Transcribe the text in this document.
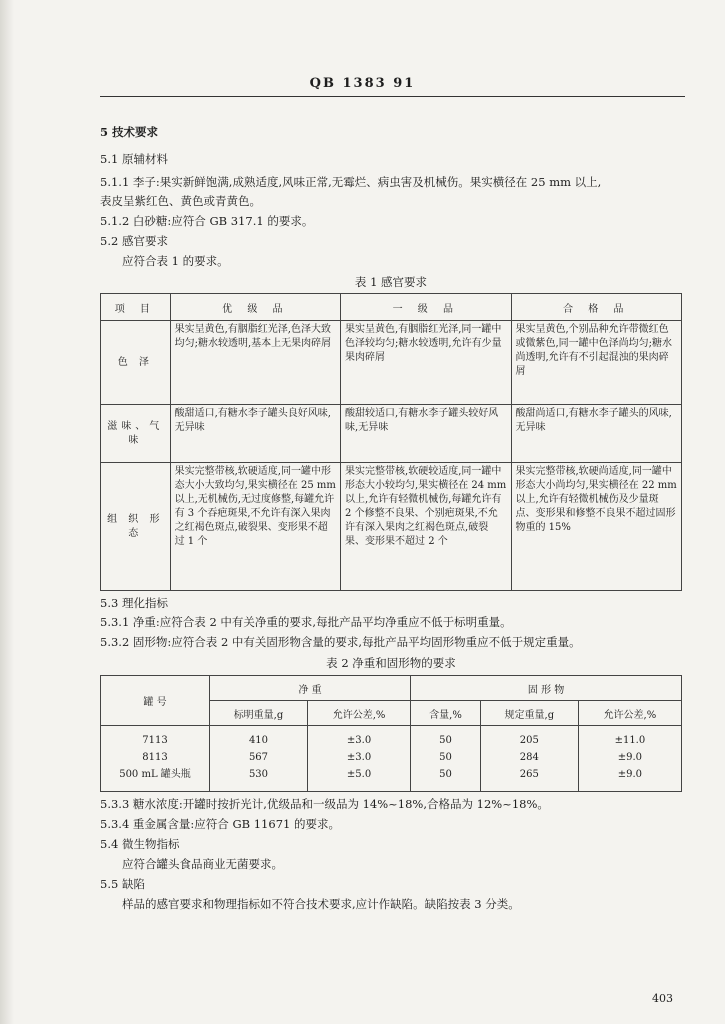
QB 1383 91
5 技术要求
5.1 原辅材料
5.1.1 李子:果实新鲜饱满,成熟适度,风味正常,无霉烂、病虫害及机械伤。果实横径在 25 mm 以上,
表皮呈紫红色、黄色或青黄色。
5.1.2 白砂糖:应符合 GB 317.1 的要求。
5.2 感官要求
应符合表 1 的要求。
表 1 感官要求
项 目	优 级 品	一 级 品	合 格 品
色 泽	果实呈黄色,有胭脂红光泽,色泽大致均匀;糖水较透明,基本上无果肉碎屑	果实呈黄色,有胭脂红光泽,同一罐中色泽较均匀;糖水较透明,允许有少量果肉碎屑	果实呈黄色,个别品种允许带微红色或微紫色,同一罐中色泽尚均匀;糖水尚透明,允许有不引起混浊的果肉碎屑
滋味、气味	酸甜适口,有糖水李子罐头良好风味,无异味	酸甜较适口,有糖水李子罐头较好风味,无异味	酸甜尚适口,有糖水李子罐头的风味,无异味
组 织 形 态	果实完整带核,软硬适度,同一罐中形态大小大致均匀,果实横径在 25 mm 以上,无机械伤,无过度修整,每罐允许有 3 个吞疤斑果,不允许有深入果肉之红褐色斑点,破裂果、变形果不超过 1 个	果实完整带核,软硬较适度,同一罐中形态大小较均匀,果实横径在 24 mm 以上,允许有轻微机械伤,每罐允许有 2 个修整不良果、个别疤斑果,不允许有深入果肉之红褐色斑点,破裂果、变形果不超过 2 个	果实完整带核,软硬尚适度,同一罐中形态大小尚均匀,果实横径在 22 mm 以上,允许有轻微机械伤及少量斑点、变形果和修整不良果不超过固形物重的 15%
5.3 理化指标
5.3.1 净重:应符合表 2 中有关净重的要求,每批产品平均净重应不低于标明重量。
5.3.2 固形物:应符合表 2 中有关固形物含量的要求,每批产品平均固形物重应不低于规定重量。
表 2 净重和固形物的要求
罐 号	净 重		固 形 物		
	标明重量,g	允许公差,%	含量,%	规定重量,g	允许公差,%
7113	410	±3.0	50	205	±11.0
8113	567	±3.0	50	284	±9.0
500 mL 罐头瓶	530	±5.0	50	265	±9.0
5.3.3 糖水浓度:开罐时按折光计,优级品和一级品为 14%~18%,合格品为 12%~18%。
5.3.4 重金属含量:应符合 GB 11671 的要求。
5.4 微生物指标
应符合罐头食品商业无菌要求。
5.5 缺陷
样品的感官要求和物理指标如不符合技术要求,应计作缺陷。缺陷按表 3 分类。
403
